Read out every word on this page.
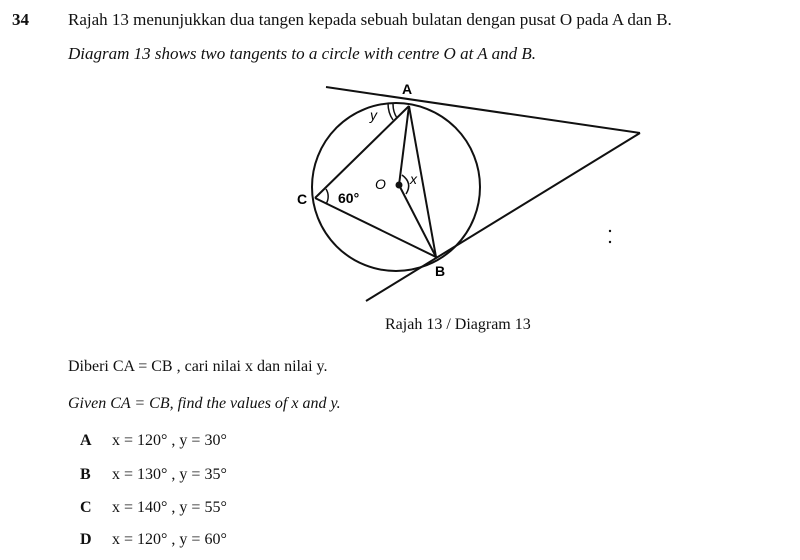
34 Rajah 13 menunjukkan dua tangen kepada sebuah bulatan dengan pusat O pada A dan B.
Diagram 13 shows two tangents to a circle with centre O at A and B.
A
B
C
O x
y
60°
Rajah 13 / Diagram 13
Diberi CA = CB , cari nilai x dan nilai y.
Given CA = CB, find the values of x and y.
A x = 120° , y = 30°
B x = 130° , y = 35°
C x = 140° , y = 55°
D x = 120° , y = 60°
